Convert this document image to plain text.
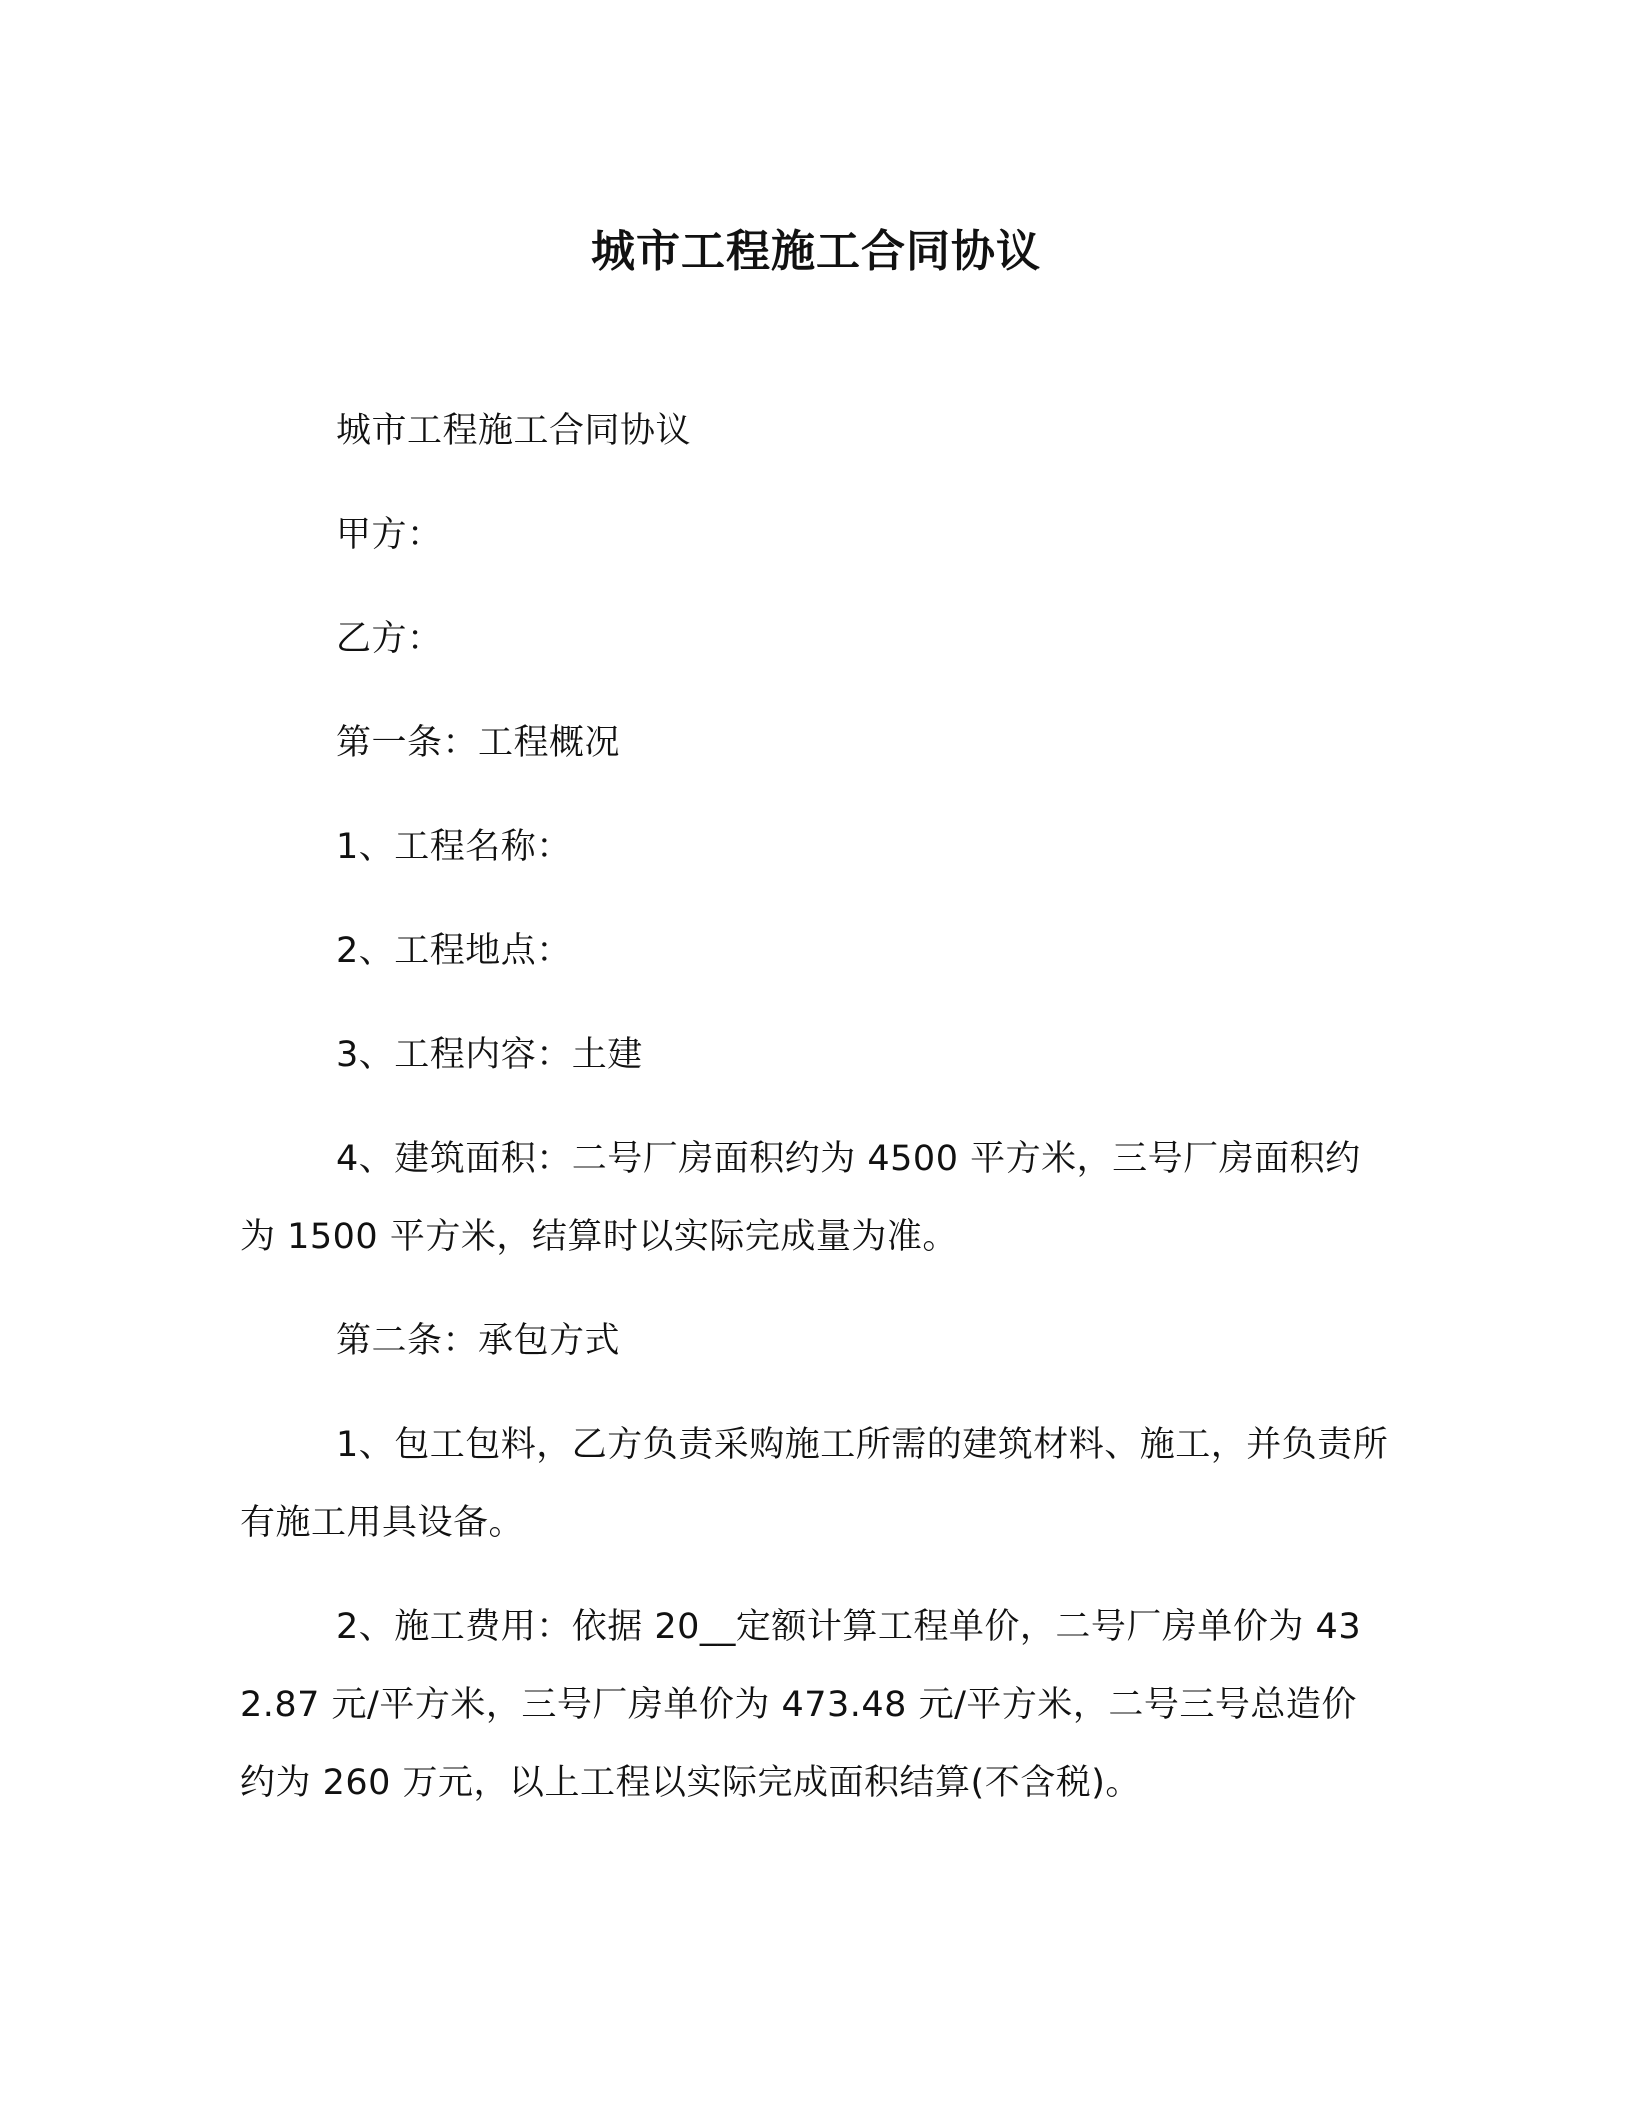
城市工程施工合同协议

城市工程施工合同协议

甲方：

乙方：

第一条：工程概况

1、工程名称：

2、工程地点：

3、工程内容：土建

4、建筑面积：二号厂房面积约为 4500 平方米，三号厂房面积约为 1500 平方米，结算时以实际完成量为准。

第二条：承包方式

1、包工包料，乙方负责采购施工所需的建筑材料、施工，并负责所有施工用具设备。

2、施工费用：依据 20__定额计算工程单价，二号厂房单价为 432.87 元/平方米，三号厂房单价为 473.48 元/平方米，二号三号总造价约为 260 万元，以上工程以实际完成面积结算(不含税)。
